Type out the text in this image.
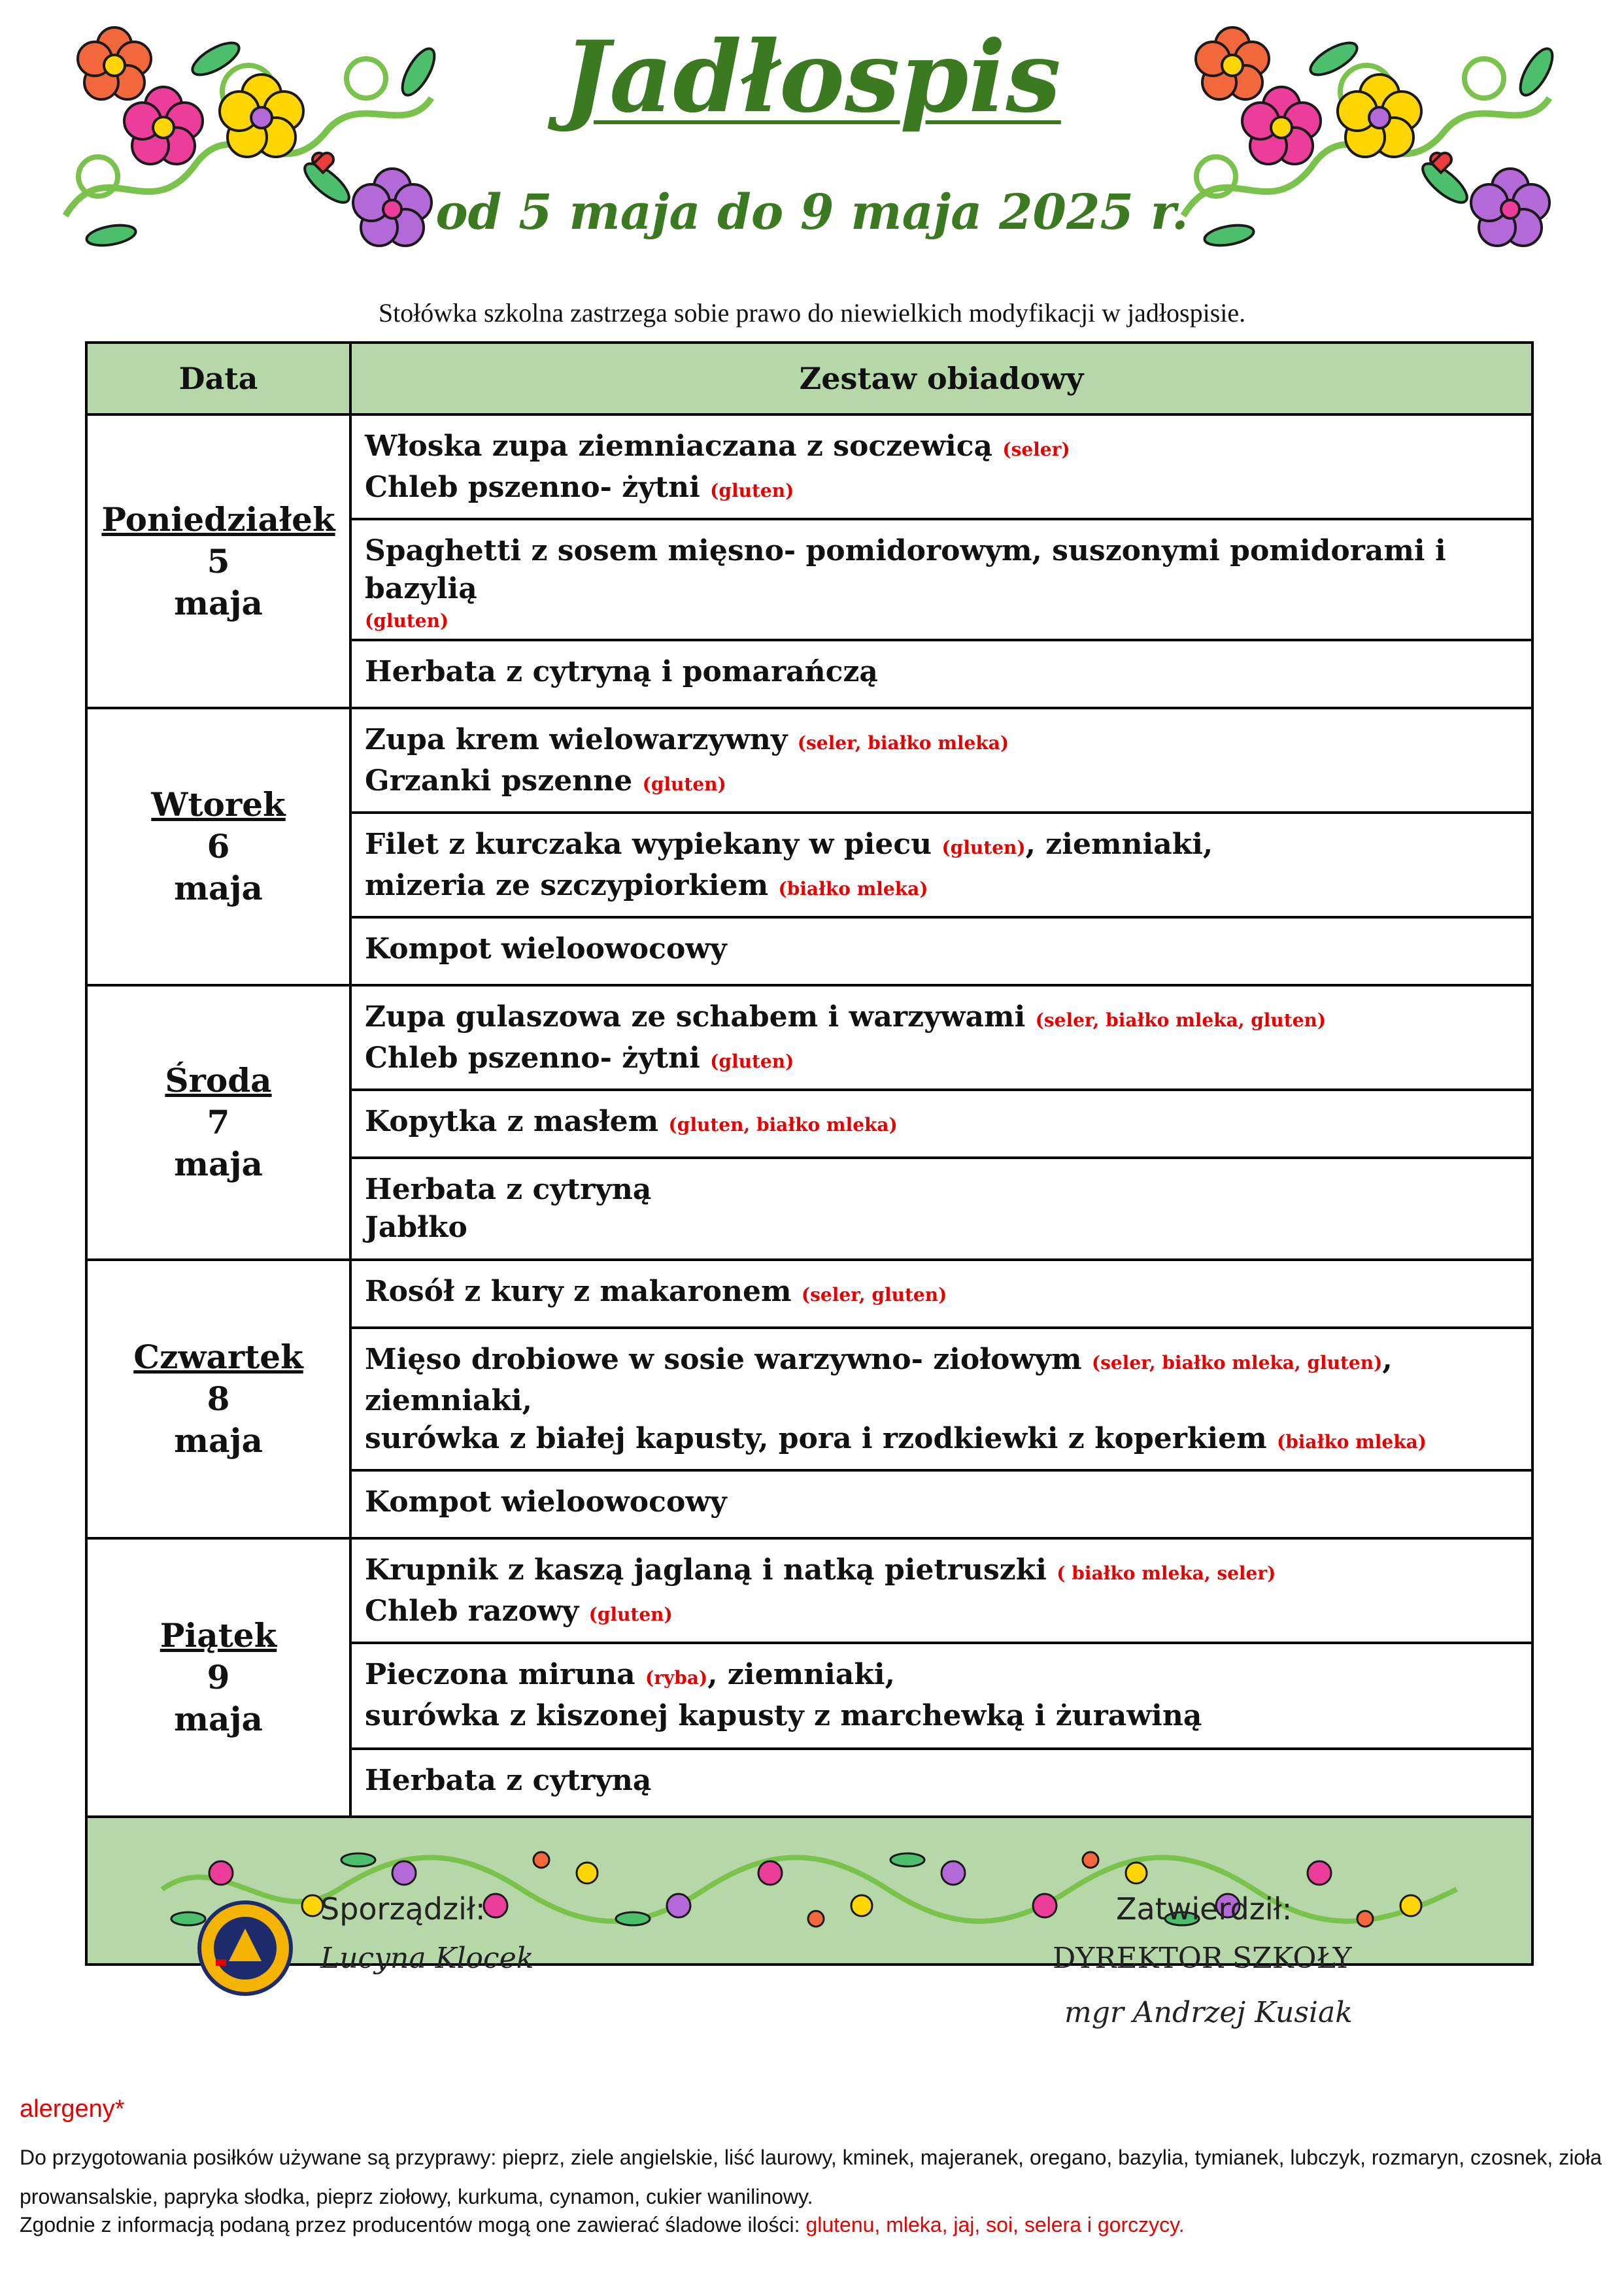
Jadłospis
od 5 maja do 9 maja 2025 r.
Stołówka szkolna zastrzega sobie prawo do niewielkich modyfikacji w jadłospisie.
Data	Zestaw obiadowy

Poniedziałek
5
maja	Włoska zupa ziemniaczana z soczewicą (seler)
Chleb pszenno- żytni (gluten)

	Spaghetti z sosem mięsno- pomidorowym, suszonymi pomidorami i bazylią
(gluten)

	Herbata z cytryną i pomarańczą

Wtorek
6
maja	Zupa krem wielowarzywny (seler, białko mleka)
Grzanki pszenne (gluten)

	Filet z kurczaka wypiekany w piecu (gluten), ziemniaki,
mizeria ze szczypiorkiem (białko mleka)

	Kompot wieloowocowy

Środa
7
maja	Zupa gulaszowa ze schabem i warzywami (seler, białko mleka, gluten)
Chleb pszenno- żytni (gluten)

	Kopytka z masłem (gluten, białko mleka)

	Herbata z cytryną
Jabłko

Czwartek
8
maja	Rosół z kury z makaronem (seler, gluten)

	Mięso drobiowe w sosie warzywno- ziołowym (seler, białko mleka, gluten), ziemniaki,
surówka z białej kapusty, pora i rzodkiewki z koperkiem (białko mleka)

	Kompot wieloowocowy

Piątek
9
maja	Krupnik z kaszą jaglaną i natką pietruszki ( białko mleka, seler)
Chleb razowy (gluten)

	Pieczona miruna (ryba), ziemniaki,
surówka z kiszonej kapusty z marchewką i żurawiną

	Herbata z cytryną

Sporządził:
Lucyna Klocek
Zatwierdził:
DYREKTOR SZKOŁY
mgr Andrzej Kusiak
alergeny*
Do przygotowania posiłków używane są przyprawy: pieprz, ziele angielskie, liść laurowy, kminek, majeranek, oregano, bazylia, tymianek, lubczyk, rozmaryn, czosnek, zioła prowansalskie, papryka słodka, pieprz ziołowy, kurkuma, cynamon, cukier wanilinowy.
Zgodnie z informacją podaną przez producentów mogą one zawierać śladowe ilości: glutenu, mleka, jaj, soi, selera i gorczycy.
